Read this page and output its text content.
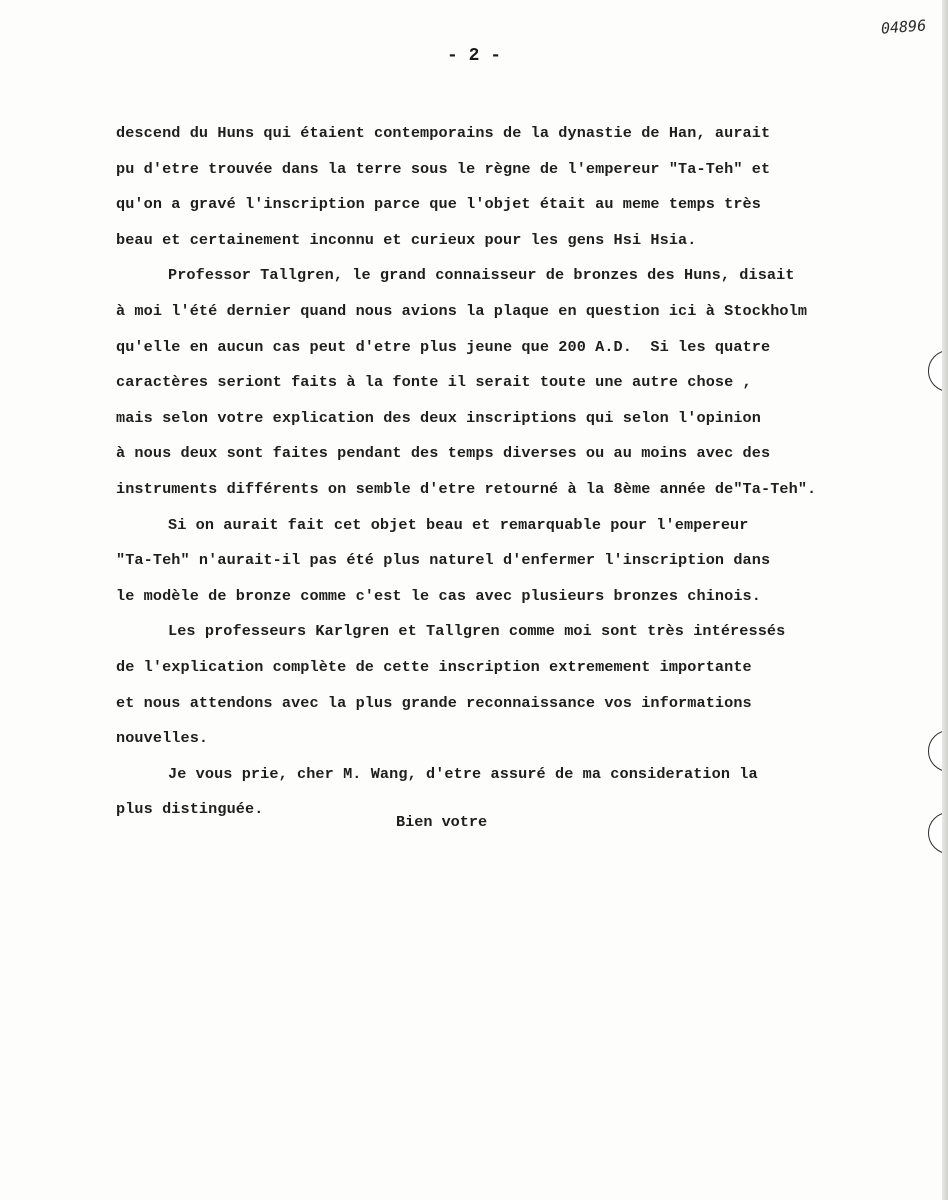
04896
- 2 -
descend du Huns qui étaient contemporains de la dynastie de Han, aurait
pu d'etre trouvée dans la terre sous le règne de l'empereur "Ta-Teh" et
qu'on a gravé l'inscription parce que l'objet était au meme temps très
beau et certainement inconnu et curieux pour les gens Hsi Hsia.
Professor Tallgren, le grand connaisseur de bronzes des Huns, disait
à moi l'été dernier quand nous avions la plaque en question ici à Stockholm
qu'elle en aucun cas peut d'etre plus jeune que 200 A.D.  Si les quatre
caractères seriont faits à la fonte il serait toute une autre chose ,
mais selon votre explication des deux inscriptions qui selon l'opinion
à nous deux sont faites pendant des temps diverses ou au moins avec des
instruments différents on semble d'etre retourné à la 8ème année de"Ta-Teh".
Si on aurait fait cet objet beau et remarquable pour l'empereur
"Ta-Teh" n'aurait-il pas été plus naturel d'enfermer l'inscription dans
le modèle de bronze comme c'est le cas avec plusieurs bronzes chinois.
Les professeurs Karlgren et Tallgren comme moi sont très intéressés
de l'explication complète de cette inscription extremement importante
et nous attendons avec la plus grande reconnaissance vos informations
nouvelles.
Je vous prie, cher M. Wang, d'etre assuré de ma consideration la
plus distinguée.
Bien votre
